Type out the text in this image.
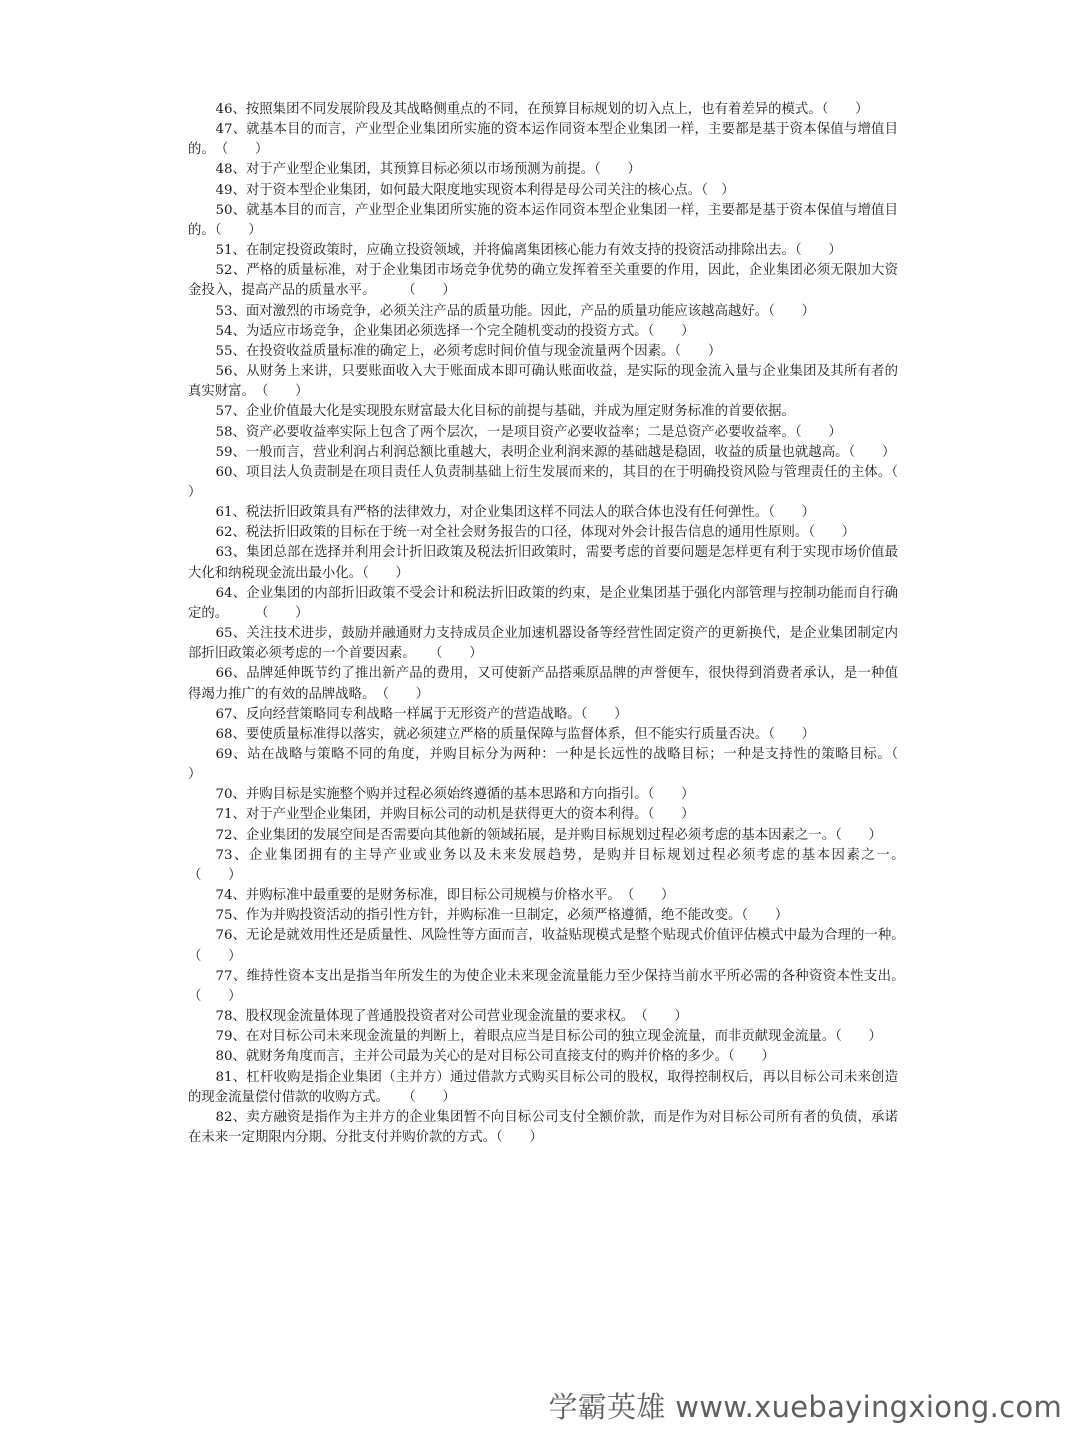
46、按照集团不同发展阶段及其战略侧重点的不同，在预算目标规划的切入点上，也有着差异的模式。（　　）

47、就基本目的而言，产业型企业集团所实施的资本运作同资本型企业集团一样，主要都是基于资本保值与增值目的。　（　　）

48、对于产业型企业集团，其预算目标必须以市场预测为前提。（　　）

49、对于资本型企业集团，如何最大限度地实现资本利得是母公司关注的核心点。（　）

50、就基本目的而言，产业型企业集团所实施的资本运作同资本型企业集团一样，主要都是基于资本保值与增值目的。（　　）

51、在制定投资政策时，应确立投资领域，并将偏离集团核心能力有效支持的投资活动排除出去。（　　）

52、严格的质量标准，对于企业集团市场竞争优势的确立发挥着至关重要的作用，因此，企业集团必须无限加大资金投入，提高产品的质量水平。　　　（　　）

53、面对激烈的市场竞争，必须关注产品的质量功能。因此，产品的质量功能应该越高越好。（　　）

54、为适应市场竞争，企业集团必须选择一个完全随机变动的投资方式。（　　）

55、在投资收益质量标准的确定上，必须考虑时间价值与现金流量两个因素。（　　）

56、从财务上来讲，只要账面收入大于账面成本即可确认账面收益，是实际的现金流入量与企业集团及其所有者的真实财富。　（　　）

57、企业价值最大化是实现股东财富最大化目标的前提与基础，并成为厘定财务标准的首要依据。

58、资产必要收益率实际上包含了两个层次，一是项目资产必要收益率；二是总资产必要收益率。（　　）

59、一般而言，营业利润占利润总额比重越大，表明企业利润来源的基础越是稳固，收益的质量也就越高。（　　）

60、项目法人负责制是在项目责任人负责制基础上衍生发展而来的，其目的在于明确投资风险与管理责任的主体。（　　）

61、税法折旧政策具有严格的法律效力，对企业集团这样不同法人的联合体也没有任何弹性。（　　）

62、税法折旧政策的目标在于统一对全社会财务报告的口径，体现对外会计报告信息的通用性原则。（　　）

63、集团总部在选择并利用会计折旧政策及税法折旧政策时，需要考虑的首要问题是怎样更有利于实现市场价值最大化和纳税现金流出最小化。（　　）

64、企业集团的内部折旧政策不受会计和税法折旧政策的约束，是企业集团基于强化内部管理与控制功能而自行确定的。　　　（　　）

65、关注技术进步，鼓励并融通财力支持成员企业加速机器设备等经营性固定资产的更新换代，是企业集团制定内部折旧政策必须考虑的一个首要因素。　　（　　）

66、品牌延伸既节约了推出新产品的费用，又可使新产品搭乘原品牌的声誉便车，很快得到消费者承认，是一种值得竭力推广的有效的品牌战略。　（　　）

67、反向经营策略同专利战略一样属于无形资产的营造战略。（　　）

68、要使质量标准得以落实，就必须建立严格的质量保障与监督体系，但不能实行质量否决。（　　）

69、站在战略与策略不同的角度，并购目标分为两种：一种是长远性的战略目标；一种是支持性的策略目标。（　　）

70、并购目标是实施整个购并过程必须始终遵循的基本思路和方向指引。（　　）

71、对于产业型企业集团，并购目标公司的动机是获得更大的资本利得。（　　）

72、企业集团的发展空间是否需要向其他新的领域拓展，是并购目标规划过程必须考虑的基本因素之一。（　　）

73、企业集团拥有的主导产业或业务以及未来发展趋势，是购并目标规划过程必须考虑的基本因素之一。　　　　　　　　　　　（　　）

74、并购标准中最重要的是财务标准，即目标公司规模与价格水平。　（　　）

75、作为并购投资活动的指引性方针，并购标准一旦制定，必须严格遵循，绝不能改变。（　　）

76、无论是就效用性还是质量性、风险性等方面而言，收益贴现模式是整个贴现式价值评估模式中最为合理的一种。　（　　）

77、维持性资本支出是指当年所发生的为使企业未来现金流量能力至少保持当前水平所必需的各种资资本性支出。　（　　）

78、股权现金流量体现了普通股投资者对公司营业现金流量的要求权。　（　　）

79、在对目标公司未来现金流量的判断上，着眼点应当是目标公司的独立现金流量，而非贡献现金流量。（　　）

80、就财务角度而言，主并公司最为关心的是对目标公司直接支付的购并价格的多少。（　　）

81、杠杆收购是指企业集团（主并方）通过借款方式购买目标公司的股权，取得控制权后，再以目标公司未来创造的现金流量偿付借款的收购方式。　　（　　）

82、卖方融资是指作为主并方的企业集团暂不向目标公司支付全额价款，而是作为对目标公司所有者的负债，承诺在未来一定期限内分期、分批支付并购价款的方式。（　　）

学霸英雄 www.xuebayingxiong.com
